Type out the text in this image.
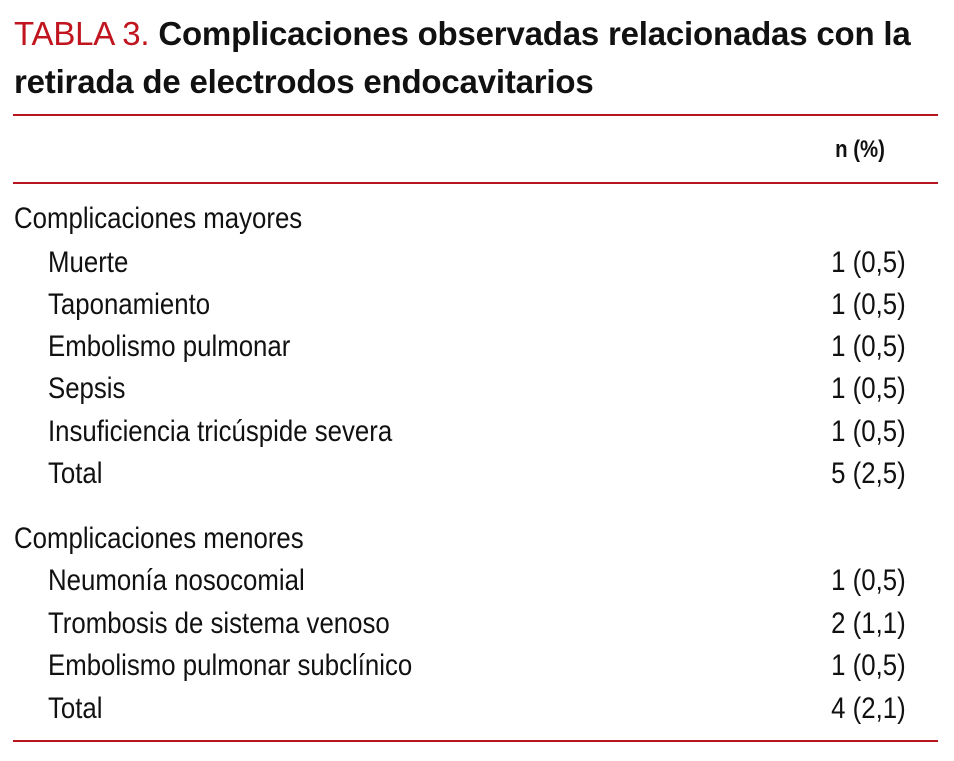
TABLA 3. Complicaciones observadas relacionadas con la retirada de electrodos endocavitarios
n (%)
Complicaciones mayores
Muerte	1 (0,5)
Taponamiento	1 (0,5)
Embolismo pulmonar	1 (0,5)
Sepsis	1 (0,5)
Insuficiencia tricúspide severa	1 (0,5)
Total	5 (2,5)
Complicaciones menores
Neumonía nosocomial	1 (0,5)
Trombosis de sistema venoso	2 (1,1)
Embolismo pulmonar subclínico	1 (0,5)
Total	4 (2,1)
